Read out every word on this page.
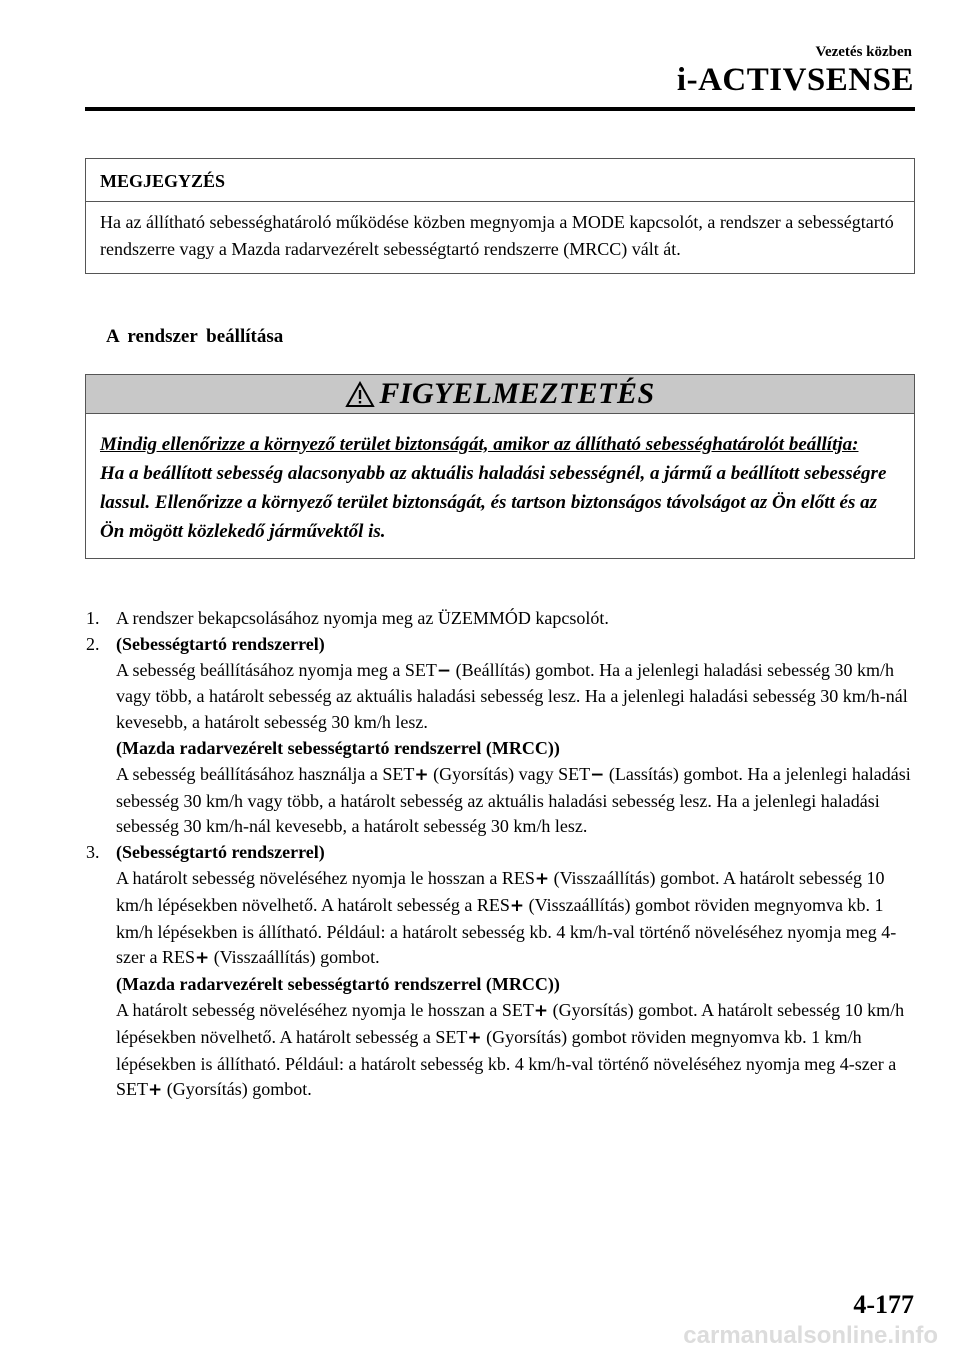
Vezetés közben
i-ACTIVSENSE
MEGJEGYZÉS
Ha az állítható sebességhatároló működése közben megnyomja a MODE kapcsolót, a rendszer a sebességtartó rendszerre vagy a Mazda radarvezérelt sebességtartó rendszerre (MRCC) vált át.
A rendszer beállítása
FIGYELMEZTETÉS
Mindig ellenőrizze a környező terület biztonságát, amikor az állítható sebességhatárolót beállítja:
Ha a beállított sebesség alacsonyabb az aktuális haladási sebességnél, a jármű a beállított sebességre lassul. Ellenőrizze a környező terület biztonságát, és tartson biztonságos távolságot az Ön előtt és az Ön mögött közlekedő járművektől is.
1. A rendszer bekapcsolásához nyomja meg az ÜZEMMÓD kapcsolót.
2. (Sebességtartó rendszerrel)
A sebesség beállításához nyomja meg a SET− (Beállítás) gombot. Ha a jelenlegi haladási sebesség 30 km/h vagy több, a határolt sebesség az aktuális haladási sebesség lesz. Ha a jelenlegi haladási sebesség 30 km/h-nál kevesebb, a határolt sebesség 30 km/h lesz.
(Mazda radarvezérelt sebességtartó rendszerrel (MRCC))
A sebesség beállításához használja a SET+ (Gyorsítás) vagy SET− (Lassítás) gombot. Ha a jelenlegi haladási sebesség 30 km/h vagy több, a határolt sebesség az aktuális haladási sebesség lesz. Ha a jelenlegi haladási sebesség 30 km/h-nál kevesebb, a határolt sebesség 30 km/h lesz.
3. (Sebességtartó rendszerrel)
A határolt sebesség növeléséhez nyomja le hosszan a RES+ (Visszaállítás) gombot. A határolt sebesség 10 km/h lépésekben növelhető. A határolt sebesség a RES+ (Visszaállítás) gombot röviden megnyomva kb. 1 km/h lépésekben is állítható. Például: a határolt sebesség kb. 4 km/h-val történő növeléséhez nyomja meg 4-szer a RES+ (Visszaállítás) gombot.
(Mazda radarvezérelt sebességtartó rendszerrel (MRCC))
A határolt sebesség növeléséhez nyomja le hosszan a SET+ (Gyorsítás) gombot. A határolt sebesség 10 km/h lépésekben növelhető. A határolt sebesség a SET+ (Gyorsítás) gombot röviden megnyomva kb. 1 km/h lépésekben is állítható. Például: a határolt sebesség kb. 4 km/h-val történő növeléséhez nyomja meg 4-szer a SET+ (Gyorsítás) gombot.
4-177
carmanualsonline.info
